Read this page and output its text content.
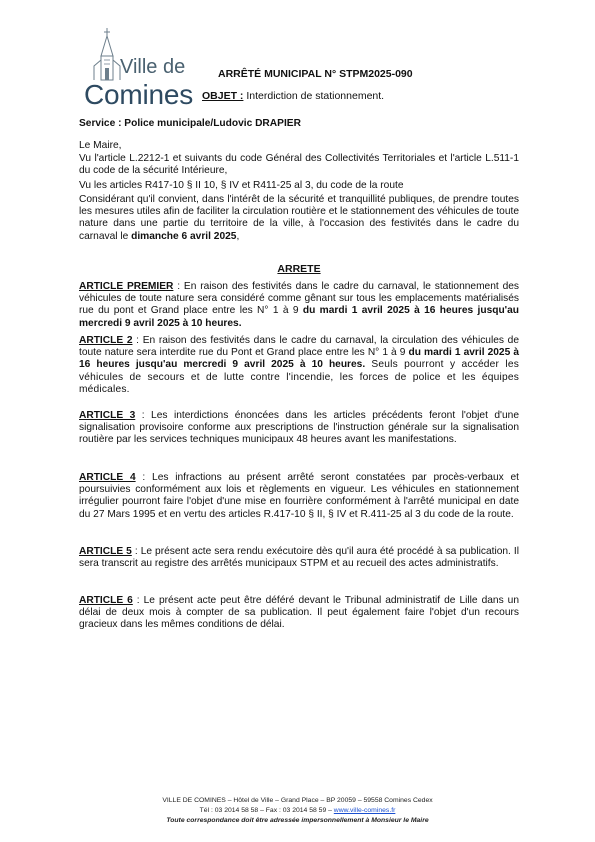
Ville de
Comines
ARRÊTÉ MUNICIPAL N° STPM2025-090
OBJET : Interdiction de stationnement.
Service : Police municipale/Ludovic DRAPIER
Le Maire,
Vu l'article L.2212-1 et suivants du code Général des Collectivités Territoriales et l'article L.511-1 du code de la sécurité Intérieure,
Vu les articles R417-10 § II 10, § IV et R411-25 al 3, du code de la route
Considérant qu'il convient, dans l'intérêt de la sécurité et tranquillité publiques, de prendre toutes les mesures utiles afin de faciliter la circulation routière et le stationnement des véhicules de toute nature dans une partie du territoire de la ville, à l'occasion des festivités dans le cadre du carnaval le dimanche 6 avril 2025,
ARRETE
ARTICLE PREMIER : En raison des festivités dans le cadre du carnaval, le stationnement des véhicules de toute nature sera considéré comme gênant sur tous les emplacements matérialisés rue du pont et Grand place entre les N° 1 à 9 du mardi 1 avril 2025 à 16 heures jusqu'au mercredi 9 avril 2025 à 10 heures.
ARTICLE 2 : En raison des festivités dans le cadre du carnaval, la circulation des véhicules de toute nature sera interdite rue du Pont et Grand place entre les N° 1 à 9 du mardi 1 avril 2025 à 16 heures jusqu'au mercredi 9 avril 2025 à 10 heures. Seuls pourront y accéder les véhicules de secours et de lutte contre l'incendie, les forces de police et les équipes médicales.
ARTICLE 3 : Les interdictions énoncées dans les articles précédents feront l'objet d'une signalisation provisoire conforme aux prescriptions de l'instruction générale sur la signalisation routière par les services techniques municipaux 48 heures avant les manifestations.
ARTICLE 4 : Les infractions au présent arrêté seront constatées par procès-verbaux et poursuivies conformément aux lois et règlements en vigueur. Les véhicules en stationnement irrégulier pourront faire l'objet d'une mise en fourrière conformément à l'arrêté municipal en date du 27 Mars 1995 et en vertu des articles R.417-10 § II, § IV et R.411-25 al 3 du code de la route.
ARTICLE 5 : Le présent acte sera rendu exécutoire dès qu'il aura été procédé à sa publication. Il sera transcrit au registre des arrêtés municipaux STPM et au recueil des actes administratifs.
ARTICLE 6 : Le présent acte peut être déféré devant le Tribunal administratif de Lille dans un délai de deux mois à compter de sa publication. Il peut également faire l'objet d'un recours gracieux dans les mêmes conditions de délai.
VILLE DE COMINES – Hôtel de Ville – Grand Place – BP 20059 – 59558 Comines Cedex
Tél : 03 2014 58 58 – Fax : 03 2014 58 59 – www.ville-comines.fr
Toute correspondance doit être adressée impersonnellement à Monsieur le Maire
